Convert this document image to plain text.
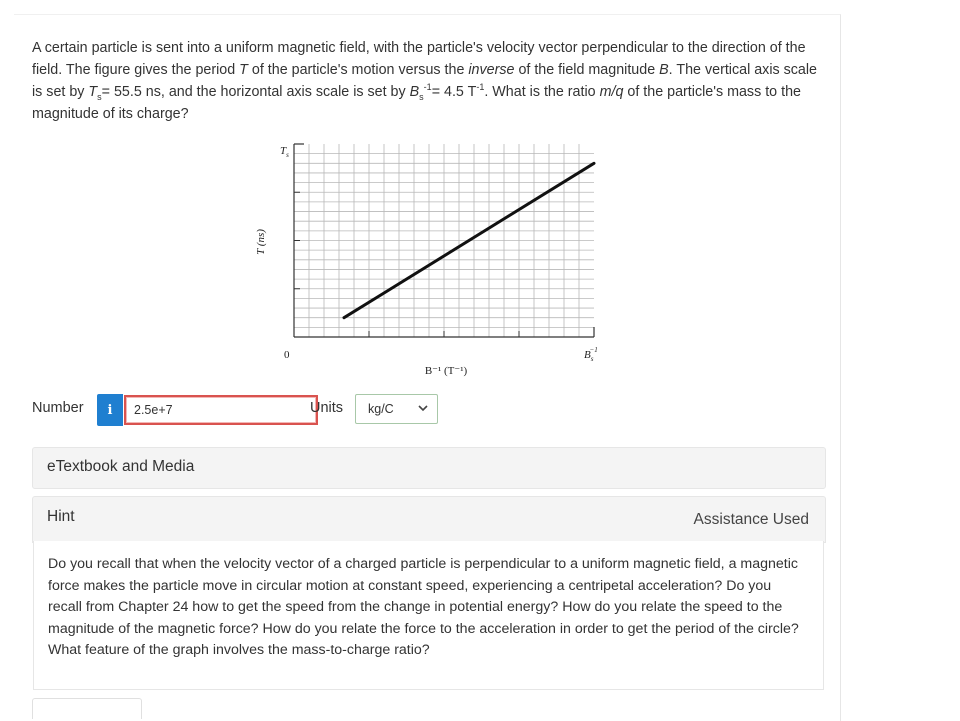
A certain particle is sent into a uniform magnetic field, with the particle's velocity vector perpendicular to the direction of the field. The figure gives the period T of the particle's motion versus the inverse of the field magnitude B. The vertical axis scale is set by $T_s= 55.5$ ns, and the horizontal axis scale is set by $B_s^{-1}= 4.5$ $T^{-1}$. What is the ratio m/q of the particle's mass to the magnitude of its charge?
T (ns)
$T_s$
0	$B_s-1$
B⁻¹ (T⁻¹)
Number i
2.5e+7	Units	kg/C
eTextbook and Media
Hint	Assistance Used
Do you recall that when the velocity vector of a charged particle is perpendicular to a uniform magnetic field, a magnetic force makes the particle move in circular motion at constant speed, experiencing a centripetal acceleration? Do you recall from Chapter 24 how to get the speed from the change in potential energy? How do you relate the speed to the magnitude of the magnetic force? How do you relate the force to the acceleration in order to get the period of the circle? What feature of the graph involves the mass-to-charge ratio?
